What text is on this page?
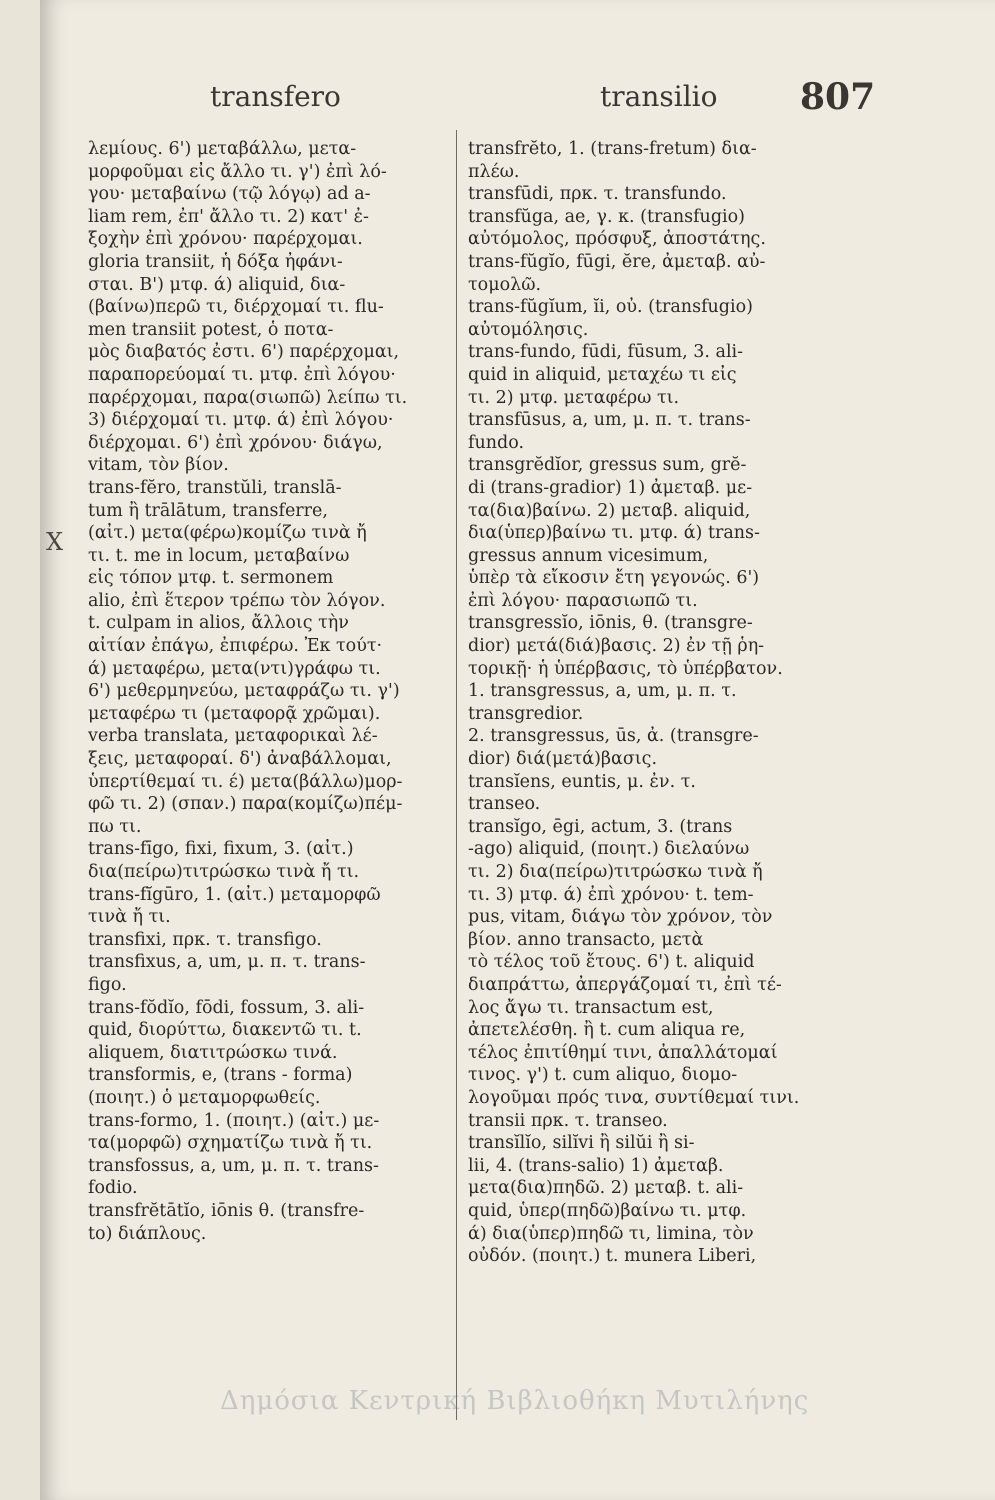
transfero	transilio 807
X
λεμίους. 6') μεταβάλλω, μετα-
μορφοῦμαι εἰς ἄλλο τι. γ') ἐπὶ λό-
γου· μεταβαίνω (τῷ λόγῳ) ad a-
liam rem, ἐπ' ἄλλο τι. 2) κατ' ἐ-
ξοχὴν ἐπὶ χρόνου· παρέρχομαι.
gloria transiit, ἡ δόξα ἠφάνι-
σται. B') μτφ. ά) aliquid, δια-
(βαίνω)περῶ τι, διέρχομαί τι. flu-
men transiit potest, ὁ ποτα-
μὸς διαβατός ἐστι. 6') παρέρχομαι,
παραπορεύομαί τι. μτφ. ἐπὶ λόγου·
παρέρχομαι, παρα(σιωπῶ) λείπω τι.
3) διέρχομαί τι. μτφ. ά) ἐπὶ λόγου·
διέρχομαι. 6') ἐπὶ χρόνου· διάγω,
vitam, τὸν βίον.
trans-fĕro, transtŭli, translā-
tum ἢ trālātum, transferre,
(αἰτ.) μετα(φέρω)κομίζω τινὰ ἤ
τι. t. me in locum, μεταβαίνω
εἰς τόπον μτφ. t. sermonem
alio, ἐπὶ ἕτερον τρέπω τὸν λόγον.
t. culpam in alios, ἄλλοις τὴν
αἰτίαν ἐπάγω, ἐπιφέρω. Ἐκ τούτ·
ά) μεταφέρω, μετα(ντι)γράφω τι.
6') μεθερμηνεύω, μεταφράζω τι. γ')
μεταφέρω τι (μεταφορᾷ χρῶμαι).
verba translata, μεταφορικαὶ λέ-
ξεις, μεταφοραί. δ') ἀναβάλλομαι,
ὑπερτίθεμαί τι. έ) μετα(βάλλω)μορ-
φῶ τι. 2) (σπαν.) παρα(κομίζω)πέμ-
πω τι.
trans-fīgo, fixi, fixum, 3. (αἰτ.)
δια(πείρω)τιτρώσκω τινὰ ἤ τι.
trans-fĭgūro, 1. (αἰτ.) μεταμορφῶ
τινὰ ἤ τι.
transfixi, πρκ. τ. transfigo.
transfixus, a, um, μ. π. τ. trans-
figo.
trans-fŏdĭo, fōdi, fossum, 3. ali-
quid, διορύττω, διακεντῶ τι. t.
aliquem, διατιτρώσκω τινά.
transformis, e, (trans - forma)
(ποιητ.) ὁ μεταμορφωθείς.
trans-formo, 1. (ποιητ.) (αἰτ.) με-
τα(μορφῶ) σχηματίζω τινὰ ἤ τι.
transfossus, a, um, μ. π. τ. trans-
fodio.
transfrĕtātĭo, iōnis θ. (transfre-
to) διάπλους.
transfrĕto, 1. (trans-fretum) δια-
πλέω.
transfūdi, πρκ. τ. transfundo.
transfŭga, ae, γ. κ. (transfugio)
αὐτόμολος, πρόσφυξ, ἀποστάτης.
trans-fŭgĭo, fūgi, ĕre, ἀμεταβ. αὐ-
τομολῶ.
trans-fŭgĭum, ĭi, οὐ. (transfugio)
αὐτομόλησις.
trans-fundo, fūdi, fūsum, 3. ali-
quid in aliquid, μεταχέω τι εἰς
τι. 2) μτφ. μεταφέρω τι.
transfūsus, a, um, μ. π. τ. trans-
fundo.
transgrĕdĭor, gressus sum, grĕ-
di (trans-gradior) 1) ἀμεταβ. με-
τα(δια)βαίνω. 2) μεταβ. aliquid,
δια(ὑπερ)βαίνω τι. μτφ. ά) trans-
gressus annum vicesimum,
ὑπὲρ τὰ εἴκοσιν ἔτη γεγονώς. 6')
ἐπὶ λόγου· παρασιωπῶ τι.
transgressĭo, iōnis, θ. (transgre-
dior) μετά(διά)βασις. 2) ἐν τῇ ῥη-
τορικῇ· ἡ ὑπέρβασις, τὸ ὑπέρβατον.
1. transgressus, a, um, μ. π. τ.
transgredior.
2. transgressus, ūs, ἀ. (transgre-
dior) διά(μετά)βασις.
transĭens, euntis, μ. ἐν. τ.
transeo.
transĭgo, ēgi, actum, 3. (trans
-ago) aliquid, (ποιητ.) διελαύνω
τι. 2) δια(πείρω)τιτρώσκω τινὰ ἤ
τι. 3) μτφ. ά) ἐπὶ χρόνου· t. tem-
pus, vitam, διάγω τὸν χρόνον, τὸν
βίον. anno transacto, μετὰ
τὸ τέλος τοῦ ἔτους. 6') t. aliquid
διαπράττω, ἀπεργάζομαί τι, ἐπὶ τέ-
λος ἄγω τι. transactum est,
ἀπετελέσθη. ἢ t. cum aliqua re,
τέλος ἐπιτίθημί τινι, ἀπαλλάτομαί
τινος. γ') t. cum aliquo, διομο-
λογοῦμαι πρός τινα, συντίθεμαί τινι.
transii πρκ. τ. transeo.
transĭlĭo, silĭvi ἢ silŭi ἢ si-
lii, 4. (trans-salio) 1) ἀμεταβ.
μετα(δια)πηδῶ. 2) μεταβ. t. ali-
quid, ὑπερ(πηδῶ)βαίνω τι. μτφ.
ά) δια(ὑπερ)πηδῶ τι, limina, τὸν
οὐδόν. (ποιητ.) t. munera Liberi,
Δημόσια Κεντρική Βιβλιοθήκη Μυτιλήνης
